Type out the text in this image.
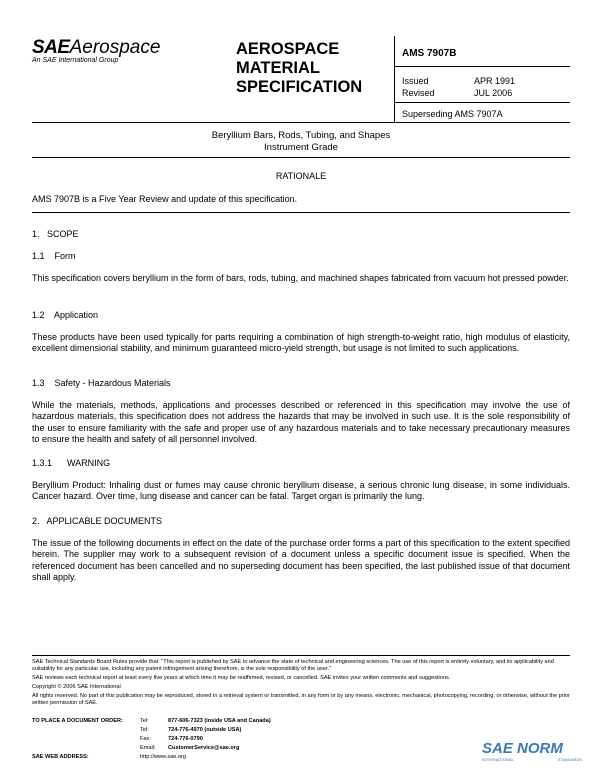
SAEAerospace
An SAE International Group
AEROSPACE
MATERIAL
SPECIFICATION
AMS 7907B
Issued	APR 1991
Revised	JUL 2006
Superseding AMS 7907A
Beryllium Bars, Rods, Tubing, and Shapes
Instrument Grade
RATIONALE
AMS 7907B is a Five Year Review and update of this specification.
1.   SCOPE
1.1    Form
This specification covers beryllium in the form of bars, rods, tubing, and machined shapes fabricated from vacuum hot pressed powder.
1.2    Application
These products have been used typically for parts requiring a combination of high strength-to-weight ratio, high modulus of elasticity, excellent dimensional stability, and minimum guaranteed micro-yield strength, but usage is not limited to such applications.
1.3    Safety - Hazardous Materials
While the materials, methods, applications and processes described or referenced in this specification may involve the use of hazardous materials, this specification does not address the hazards that may be involved in such use. It is the sole responsibility of the user to ensure familiarity with the safe and proper use of any hazardous materials and to take necessary precautionary measures to ensure the health and safety of all personnel involved.
1.3.1      WARNING
Beryllium Product: Inhaling dust or fumes may cause chronic beryllium disease, a serious chronic lung disease, in some individuals. Cancer hazard. Over time, lung disease and cancer can be fatal. Target organ is primarily the lung.
2.   APPLICABLE DOCUMENTS
The issue of the following documents in effect on the date of the purchase order forms a part of this specification to the extent specified herein. The supplier may work to a subsequent revision of a document unless a specific document issue is specified. When the referenced document has been cancelled and no superseding document has been specified, the last published issue of that document shall apply.
SAE Technical Standards Board Rules provide that: "This report is published by SAE to advance the state of technical and engineering sciences. The use of this report is entirely voluntary, and its applicability and suitability for any particular use, including any patent infringement arising therefrom, is the sole responsibility of the user."
SAE reviews each technical report at least every five years at which time it may be reaffirmed, revised, or cancelled. SAE invites your written comments and suggestions.
Copyright © 2006 SAE International
All rights reserved. No part of this publication may be reproduced, stored in a retrieval system or transmitted, in any form or by any means, electronic, mechanical, photocopying, recording, or otherwise, without the prior written permission of SAE.
TO PLACE A DOCUMENT ORDER:
SAE WEB ADDRESS:
Tel:	877-606-7323 (inside USA and Canada)
Tel:	724-776-4970 (outside USA)
Fax:	724-776-0790
Email:	CustomerService@sae.org
http://www.sae.org	SAE NORM
INTERNATIONAL	STANDARDS
